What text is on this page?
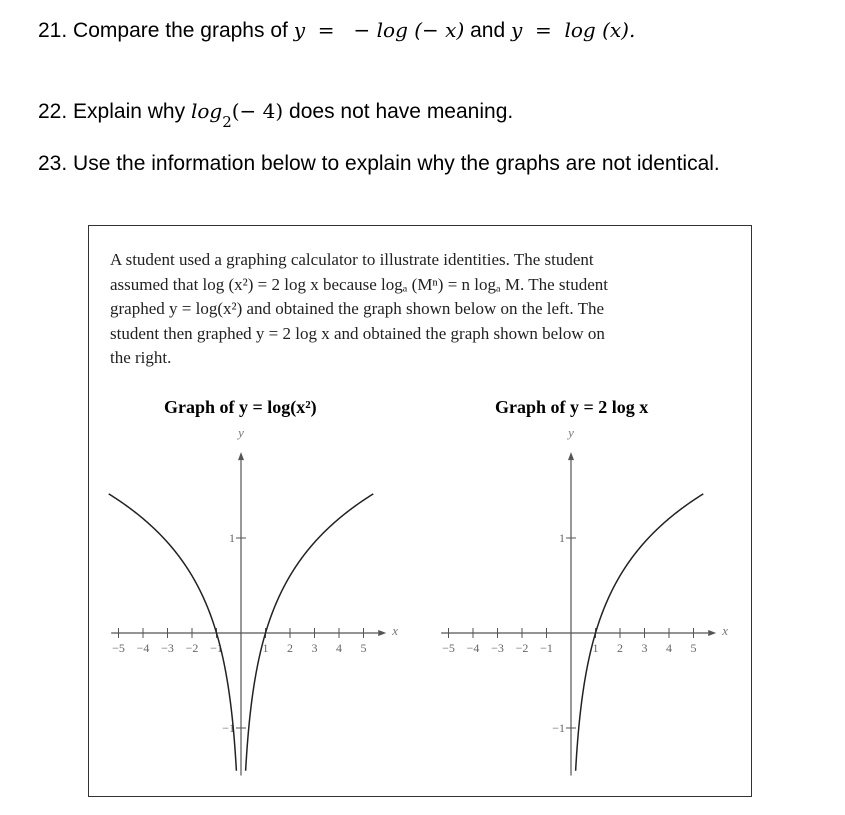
21. Compare the graphs of y  =   − log (− x) and y  =  log (x).
22. Explain why $\log_2(- 4)$ does not have meaning.
23. Use the information below to explain why the graphs are not identical.
A student used a graphing calculator to illustrate identities. The student
assumed that log (x²) = 2 log x because logₐ (Mⁿ) = n logₐ M. The student
graphed y = log(x²) and obtained the graph shown below on the left. The
student then graphed y = 2 log x and obtained the graph shown below on
the right.
Graph of y = log(x²)	Graph of y = 2 log x
−5 −4 −3 −2 −1	1 2 3 4 5
1
−1
y
x
−5 −4 −3 −2 −1	1 2 3 4 5
1
−1
y
x
